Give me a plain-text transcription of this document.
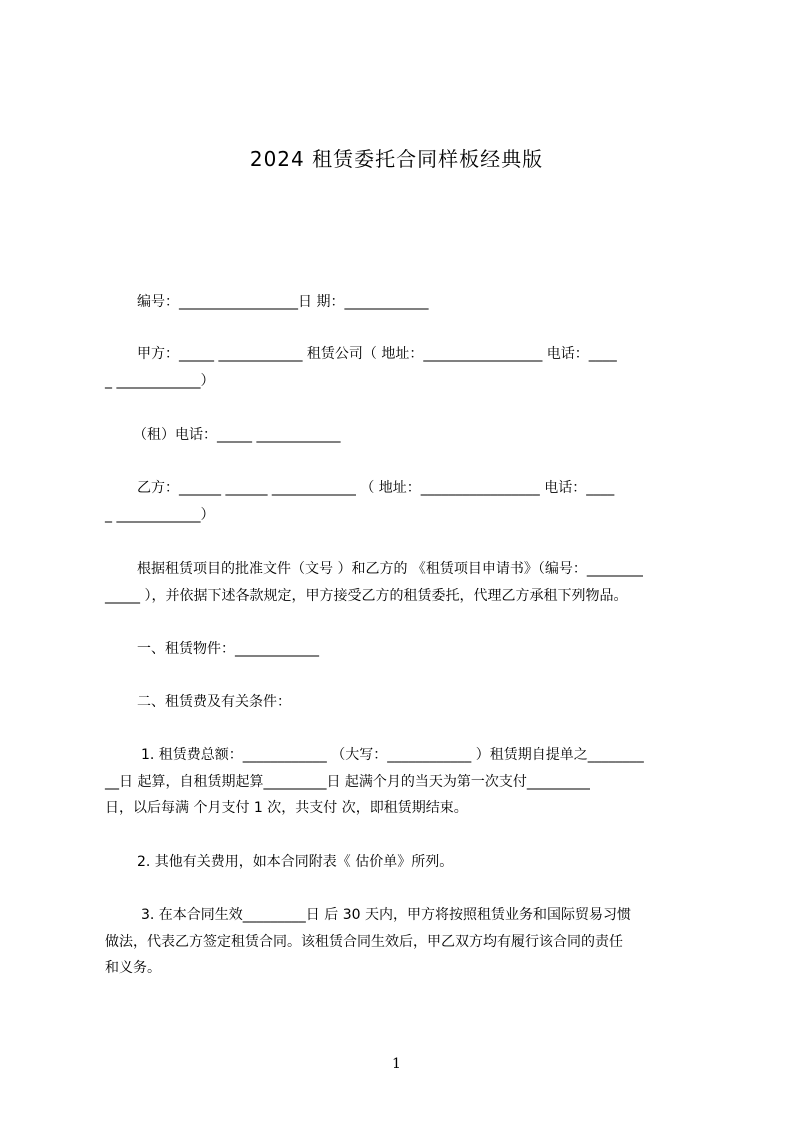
2024 租赁委托合同样板经典版
编号：_________________日 期：____________
甲方：_____ ____________ 租赁公司（ 地址：_________________ 电话：____
_ ____________）
（租）电话：_____ ____________
乙方：______ ______ ____________ （ 地址：_________________ 电话：____
_ ____________）
根据租赁项目的批准文件（文号 ）和乙方的 《租赁项目申请书》（编号：________
_____ ），并依据下述各款规定，甲方接受乙方的租赁委托，代理乙方承租下列物品。
一、租赁物件：____________
二、租赁费及有关条件：
1. 租赁费总额：____________ （大写：____________ ）租赁期自提单之________
__日 起算，自租赁期起算_________日 起满个月的当天为第一次支付_________
日，以后每满 个月支付 1 次，共支付 次，即租赁期结束。
2. 其他有关费用，如本合同附表《 估价单》所列。
3. 在本合同生效_________日 后 30 天内，甲方将按照租赁业务和国际贸易习惯
做法，代表乙方签定租赁合同。该租赁合同生效后，甲乙双方均有履行该合同的责任
和义务。
1
